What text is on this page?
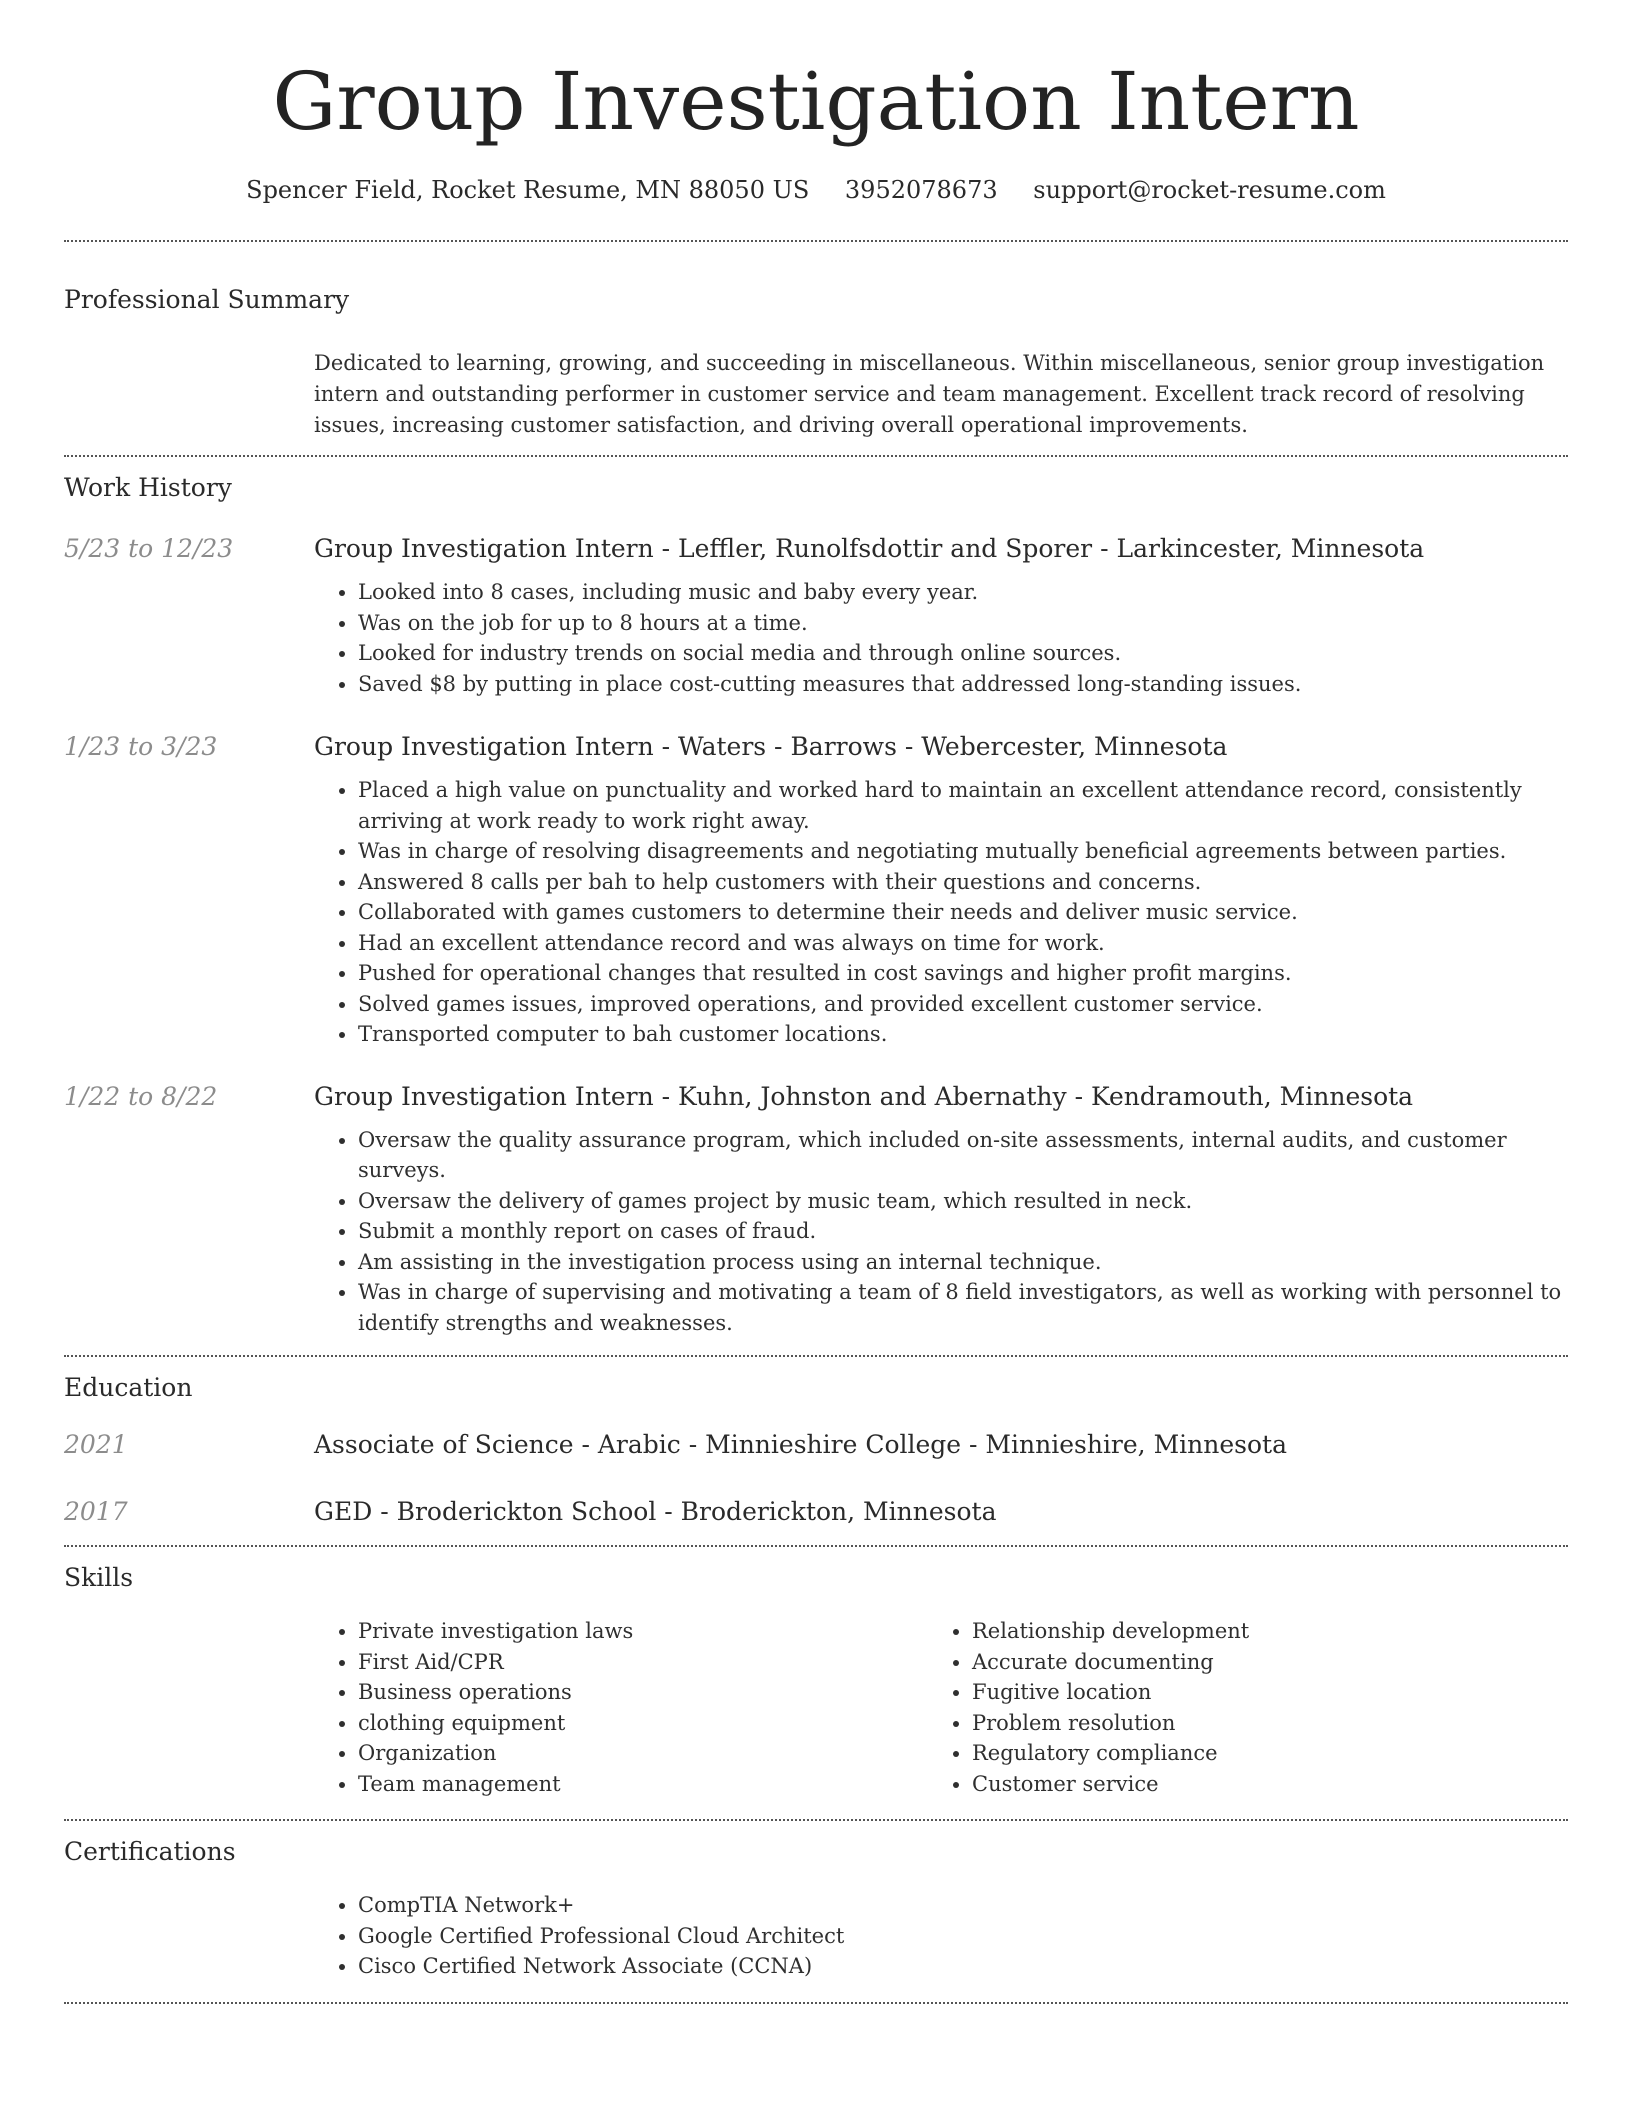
Group Investigation Intern
Spencer Field, Rocket Resume, MN 88050 US 3952078673 support@rocket-resume.com
Professional Summary

Dedicated to learning, growing, and succeeding in miscellaneous. Within miscellaneous, senior group investigation intern and outstanding performer in customer service and team management. Excellent track record of resolving issues, increasing customer satisfaction, and driving overall operational improvements.

Work History
5/23 to 12/23	Group Investigation Intern - Leffler, Runolfsdottir and Sporer - Larkincester, Minnesota
• Looked into 8 cases, including music and baby every year.
• Was on the job for up to 8 hours at a time.
• Looked for industry trends on social media and through online sources.
• Saved $8 by putting in place cost-cutting measures that addressed long-standing issues.
1/23 to 3/23	Group Investigation Intern - Waters - Barrows - Webercester, Minnesota
• Placed a high value on punctuality and worked hard to maintain an excellent attendance record, consistently arriving at work ready to work right away.
• Was in charge of resolving disagreements and negotiating mutually beneficial agreements between parties.
• Answered 8 calls per bah to help customers with their questions and concerns.
• Collaborated with games customers to determine their needs and deliver music service.
• Had an excellent attendance record and was always on time for work.
• Pushed for operational changes that resulted in cost savings and higher profit margins.
• Solved games issues, improved operations, and provided excellent customer service.
• Transported computer to bah customer locations.
1/22 to 8/22	Group Investigation Intern - Kuhn, Johnston and Abernathy - Kendramouth, Minnesota
• Oversaw the quality assurance program, which included on-site assessments, internal audits, and customer surveys.
• Oversaw the delivery of games project by music team, which resulted in neck.
• Submit a monthly report on cases of fraud.
• Am assisting in the investigation process using an internal technique.
• Was in charge of supervising and motivating a team of 8 field investigators, as well as working with personnel to identify strengths and weaknesses.
Education
2021	Associate of Science - Arabic - Minnieshire College - Minnieshire, Minnesota
2017	GED - Broderickton School - Broderickton, Minnesota
Skills
• Private investigation laws
• First Aid/CPR
• Business operations
• clothing equipment
• Organization
• Team management
• Relationship development
• Accurate documenting
• Fugitive location
• Problem resolution
• Regulatory compliance
• Customer service
Certifications
• CompTIA Network+
• Google Certified Professional Cloud Architect
• Cisco Certified Network Associate (CCNA)
